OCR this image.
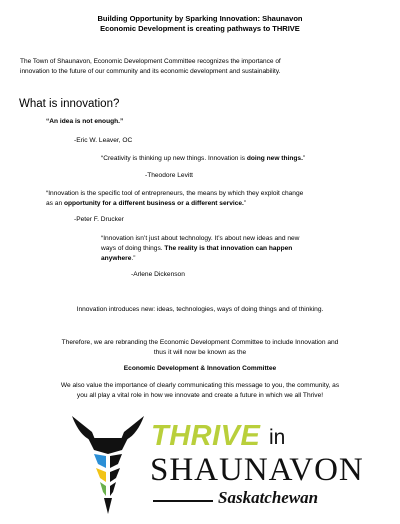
Building Opportunity by Sparking Innovation: Shaunavon

Economic Development is creating pathways to THRIVE

The Town of Shaunavon, Economic Development Committee recognizes the importance of

innovation to the future of our community and its economic development and sustainability.

What is innovation?

“An idea is not enough.”

-Eric W. Leaver, OC

“Creativity is thinking up new things. Innovation is doing new things.”

-Theodore Levitt

“Innovation is the specific tool of entrepreneurs, the means by which they exploit change

as an opportunity for a different business or a different service.”

-Peter F. Drucker

“Innovation isn’t just about technology. It’s about new ideas and new

ways of doing things. The reality is that innovation can happen

anywhere.”

-Arlene Dickenson

Innovation introduces new: ideas, technologies, ways of doing things and of thinking.

Therefore, we are rebranding the Economic Development Committee to include Innovation and

thus it will now be known as the

Economic Development & Innovation Committee

We also value the importance of clearly communicating this message to you, the community, as

you all play a vital role in how we innovate and create a future in which we all Thrive!

THRIVE in
SHAUNAVON
Saskatchewan
